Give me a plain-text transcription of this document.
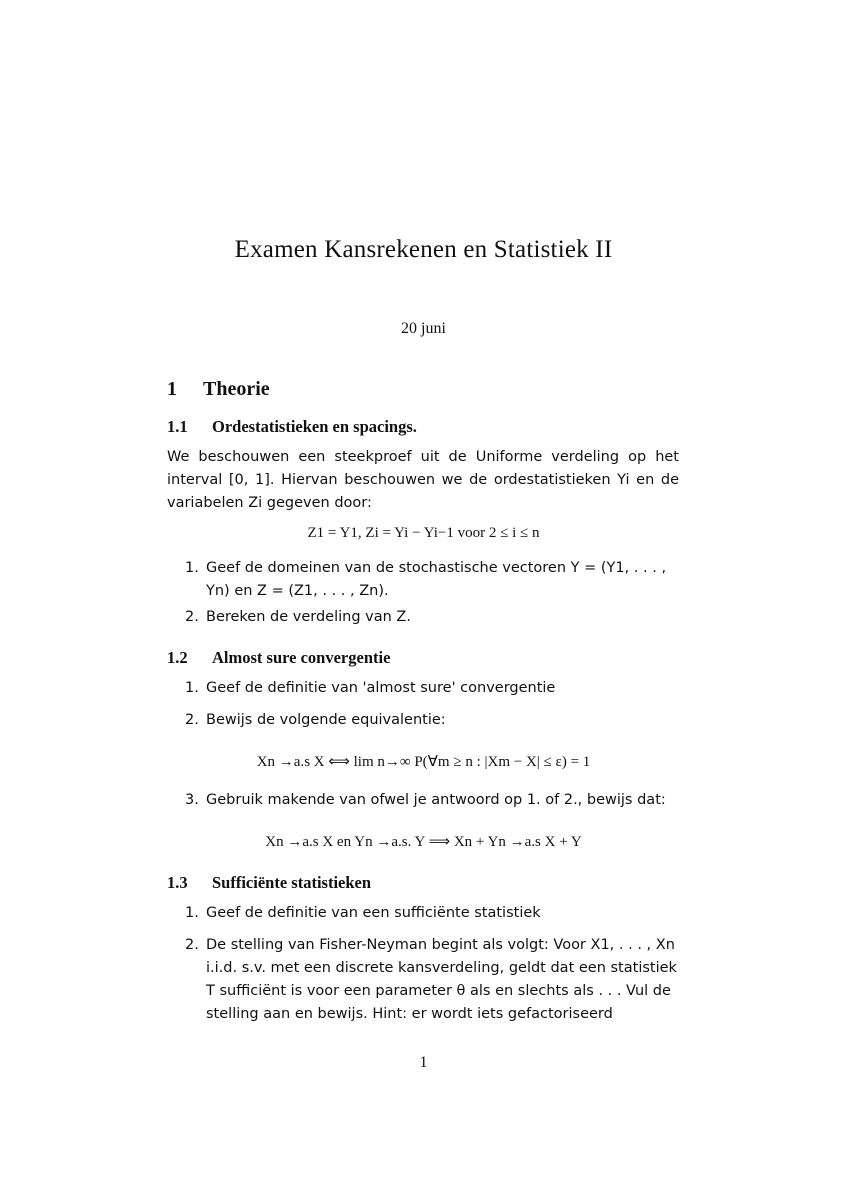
Examen Kansrekenen en Statistiek II
20 juni
1 Theorie
1.1 Ordestatistieken en spacings.
We beschouwen een steekproef uit de Uniforme verdeling op het interval [0, 1]. Hiervan beschouwen we de ordestatistieken Yi en de variabelen Zi gegeven door:
Z1 = Y1, Zi = Yi − Yi−1 voor 2 ≤ i ≤ n
1. Geef de domeinen van de stochastische vectoren Y = (Y1, . . . , Yn) en Z = (Z1, . . . , Zn).
2. Bereken de verdeling van Z.
1.2 Almost sure convergentie
1. Geef de definitie van 'almost sure' convergentie
2. Bewijs de volgende equivalentie:
Xn →a.s X ⟺ lim n→∞ P(∀m ≥ n : |Xm − X| ≤ ε) = 1
3. Gebruik makende van ofwel je antwoord op 1. of 2., bewijs dat:
Xn →a.s X en Yn →a.s. Y ⟹ Xn + Yn →a.s X + Y
1.3 Sufficiënte statistieken
1. Geef de definitie van een sufficiënte statistiek
2. De stelling van Fisher-Neyman begint als volgt: Voor X1, . . . , Xn i.i.d. s.v. met een discrete kansverdeling, geldt dat een statistiek T sufficiënt is voor een parameter θ als en slechts als . . . Vul de stelling aan en bewijs. Hint: er wordt iets gefactoriseerd
1
